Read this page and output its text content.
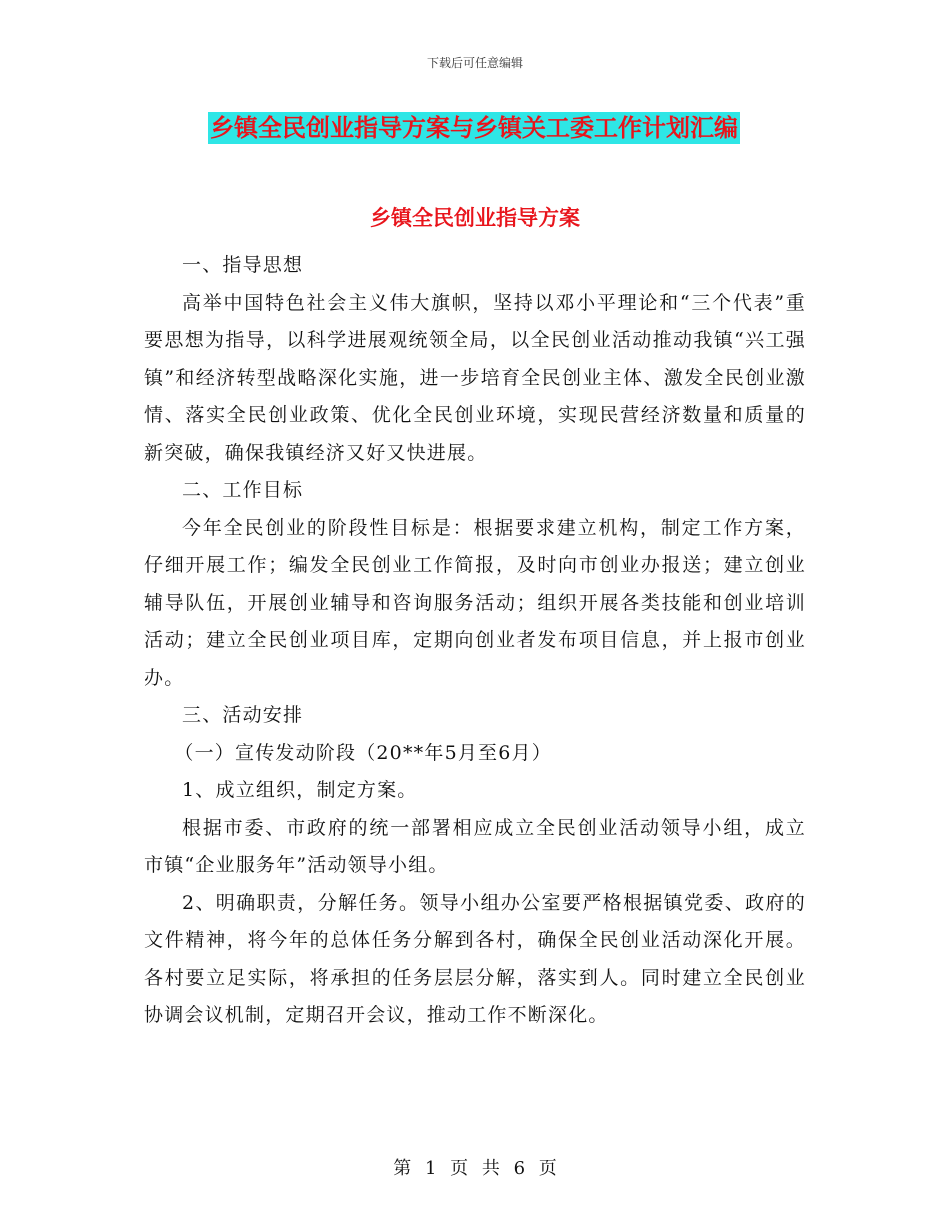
下载后可任意编辑
乡镇全民创业指导方案与乡镇关工委工作计划汇编
乡镇全民创业指导方案

一、指导思想

高举中国特色社会主义伟大旗帜，坚持以邓小平理论和“三个代表”重要思想为指导，以科学进展观统领全局，以全民创业活动推动我镇“兴工强镇”和经济转型战略深化实施，进一步培育全民创业主体、激发全民创业激情、落实全民创业政策、优化全民创业环境，实现民营经济数量和质量的新突破，确保我镇经济又好又快进展。

二、工作目标

今年全民创业的阶段性目标是：根据要求建立机构，制定工作方案，仔细开展工作；编发全民创业工作简报，及时向市创业办报送；建立创业辅导队伍，开展创业辅导和咨询服务活动；组织开展各类技能和创业培训活动；建立全民创业项目库，定期向创业者发布项目信息，并上报市创业办。

三、活动安排

（一）宣传发动阶段（20**年5月至6月）

1、成立组织，制定方案。

根据市委、市政府的统一部署相应成立全民创业活动领导小组，成立市镇“企业服务年”活动领导小组。

2、明确职责，分解任务。领导小组办公室要严格根据镇党委、政府的文件精神，将今年的总体任务分解到各村，确保全民创业活动深化开展。各村要立足实际，将承担的任务层层分解，落实到人。同时建立全民创业协调会议机制，定期召开会议，推动工作不断深化。

第 1 页 共 6 页
